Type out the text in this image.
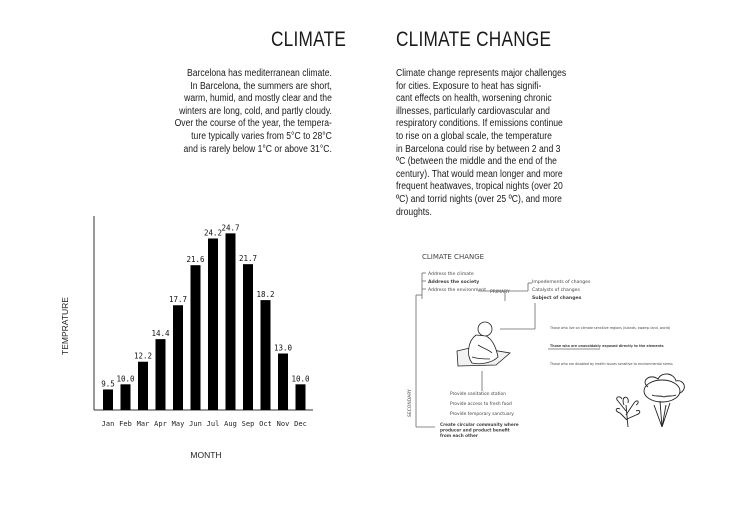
CLIMATE CLIMATE CHANGE

Barcelona has mediterranean climate.
In Barcelona, the summers are short,
warm, humid, and mostly clear and the
winters are long, cold, and partly cloudy.
Over the course of the year, the tempera-
ture typically varies from 5°C to 28°C
and is rarely below 1°C or above 31°C.

Climate change represents major challenges
for cities. Exposure to heat has signifi-
cant effects on health, worsening chronic
illnesses, particularly cardiovascular and
respiratory conditions. If emissions continue
to rise on a global scale, the temperature
in Barcelona could rise by between 2 and 3
ºC (between the middle and the end of the
century). That would mean longer and more
frequent heatwaves, tropical nights (over 20
ºC) and torrid nights (over 25 ºC), and more
droughts.

9.5
Jan
10.0
Feb
12.2
Mar
14.4
Apr
17.7
May
21.6
Jun
24.2
Jul
24.7
Aug
21.7
Sep
18.2
Oct
13.0
Nov
10.0
Dec
TEMPRATURE
MONTH
CLIMATE CHANGE
PRIMARY
SECONDARY
Address the climate
Address the society
Address the environment
Impedements of changes
Catalysts of changes
Subject of changes
Those who live on climate sensitive regions (islands, swamp land, world)
Those who are unavoidably exposed directly to the elements
Those who are disabled by health issues sensitive to environmental stress
Provide sanitation station
Provide access to fresh food
Provide temporary sanctuary
Create circular community where
producer and product benefit
from each other
